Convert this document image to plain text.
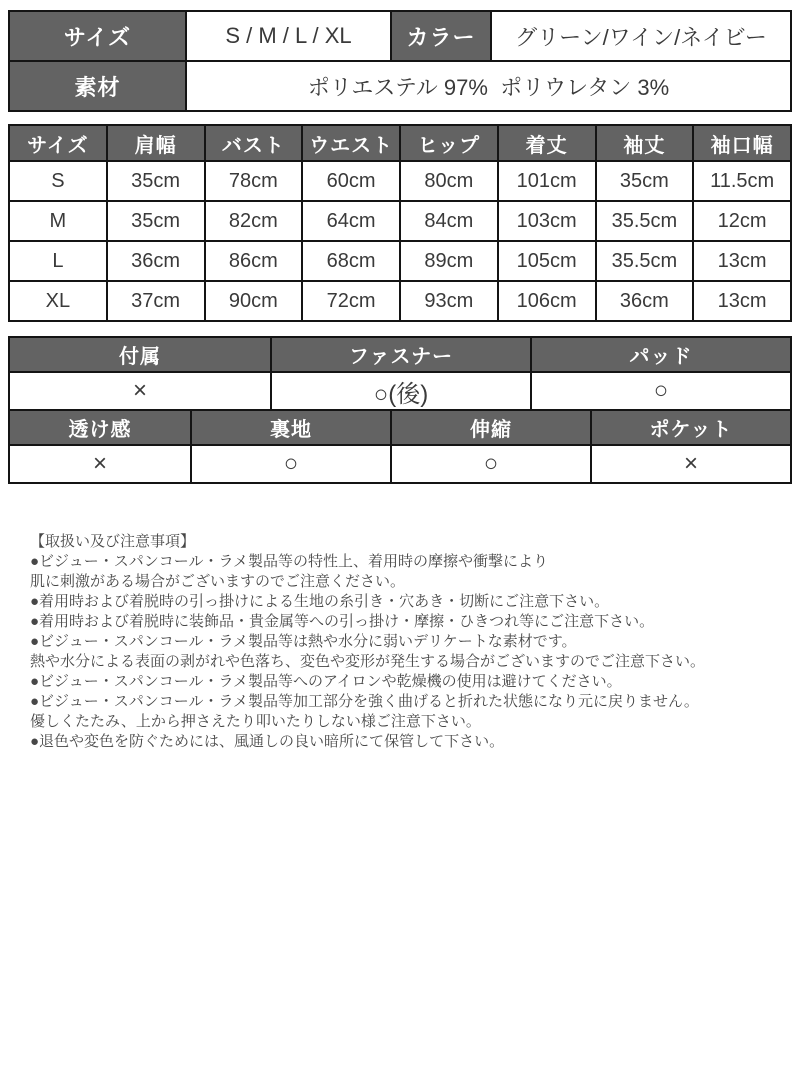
サイズ	S / M / L / XL	カラー	グリーン/ワイン/ネイビー
素材	ポリエステル 97%  ポリウレタン 3%		
サイズ	肩幅	バスト	ウエスト	ヒップ	着丈	袖丈	袖口幅
S	35cm	78cm	60cm	80cm	101cm	35cm	11.5cm
M	35cm	82cm	64cm	84cm	103cm	35.5cm	12cm
L	36cm	86cm	68cm	89cm	105cm	35.5cm	13cm
XL	37cm	90cm	72cm	93cm	106cm	36cm	13cm
付属	ファスナー	パッド
×	○(後)	○
透け感	裏地	伸縮	ポケット
×	○	○	×
【取扱い及び注意事項】
●ビジュー・スパンコール・ラメ製品等の特性上、着用時の摩擦や衝撃により
肌に刺激がある場合がございますのでご注意ください。
●着用時および着脱時の引っ掛けによる生地の糸引き・穴あき・切断にご注意下さい。
●着用時および着脱時に装飾品・貴金属等への引っ掛け・摩擦・ひきつれ等にご注意下さい。
●ビジュー・スパンコール・ラメ製品等は熱や水分に弱いデリケートな素材です。
熱や水分による表面の剥がれや色落ち、変色や変形が発生する場合がございますのでご注意下さい。
●ビジュー・スパンコール・ラメ製品等へのアイロンや乾燥機の使用は避けてください。
●ビジュー・スパンコール・ラメ製品等加工部分を強く曲げると折れた状態になり元に戻りません。
優しくたたみ、上から押さえたり叩いたりしない様ご注意下さい。
●退色や変色を防ぐためには、風通しの良い暗所にて保管して下さい。
